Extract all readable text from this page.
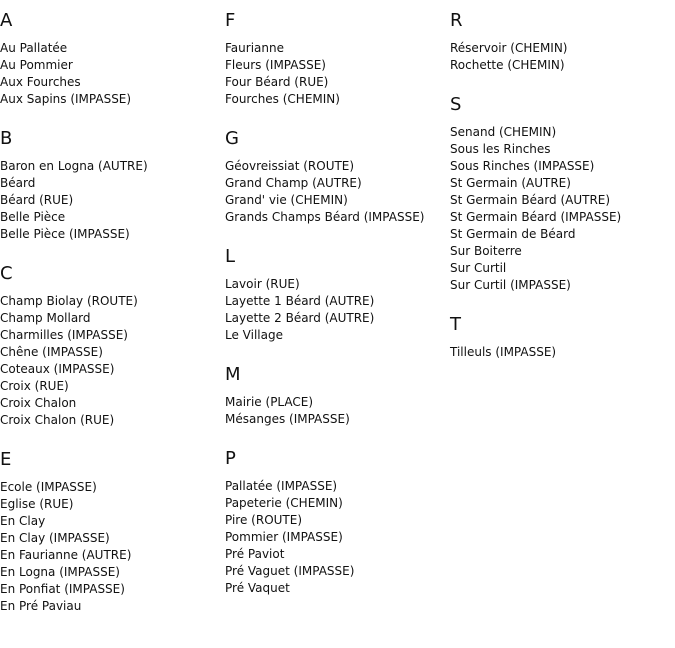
A
Au Pallatée
Au Pommier
Aux Fourches
Aux Sapins (IMPASSE)
B
Baron en Logna (AUTRE)
Béard
Béard (RUE)
Belle Pièce
Belle Pièce (IMPASSE)
C
Champ Biolay (ROUTE)
Champ Mollard
Charmilles (IMPASSE)
Chêne (IMPASSE)
Coteaux (IMPASSE)
Croix (RUE)
Croix Chalon
Croix Chalon (RUE)
E
Ecole (IMPASSE)
Eglise (RUE)
En Clay
En Clay (IMPASSE)
En Faurianne (AUTRE)
En Logna (IMPASSE)
En Ponfiat (IMPASSE)
En Pré Paviau
F
Faurianne
Fleurs (IMPASSE)
Four Béard (RUE)
Fourches (CHEMIN)
G
Géovreissiat (ROUTE)
Grand Champ (AUTRE)
Grand' vie (CHEMIN)
Grands Champs Béard (IMPASSE)
L
Lavoir (RUE)
Layette 1 Béard (AUTRE)
Layette 2 Béard (AUTRE)
Le Village
M
Mairie (PLACE)
Mésanges (IMPASSE)
P
Pallatée (IMPASSE)
Papeterie (CHEMIN)
Pire (ROUTE)
Pommier (IMPASSE)
Pré Paviot
Pré Vaguet (IMPASSE)
Pré Vaquet
R
Réservoir (CHEMIN)
Rochette (CHEMIN)
S
Senand (CHEMIN)
Sous les Rinches
Sous Rinches (IMPASSE)
St Germain (AUTRE)
St Germain Béard (AUTRE)
St Germain Béard (IMPASSE)
St Germain de Béard
Sur Boiterre
Sur Curtil
Sur Curtil (IMPASSE)
T
Tilleuls (IMPASSE)
